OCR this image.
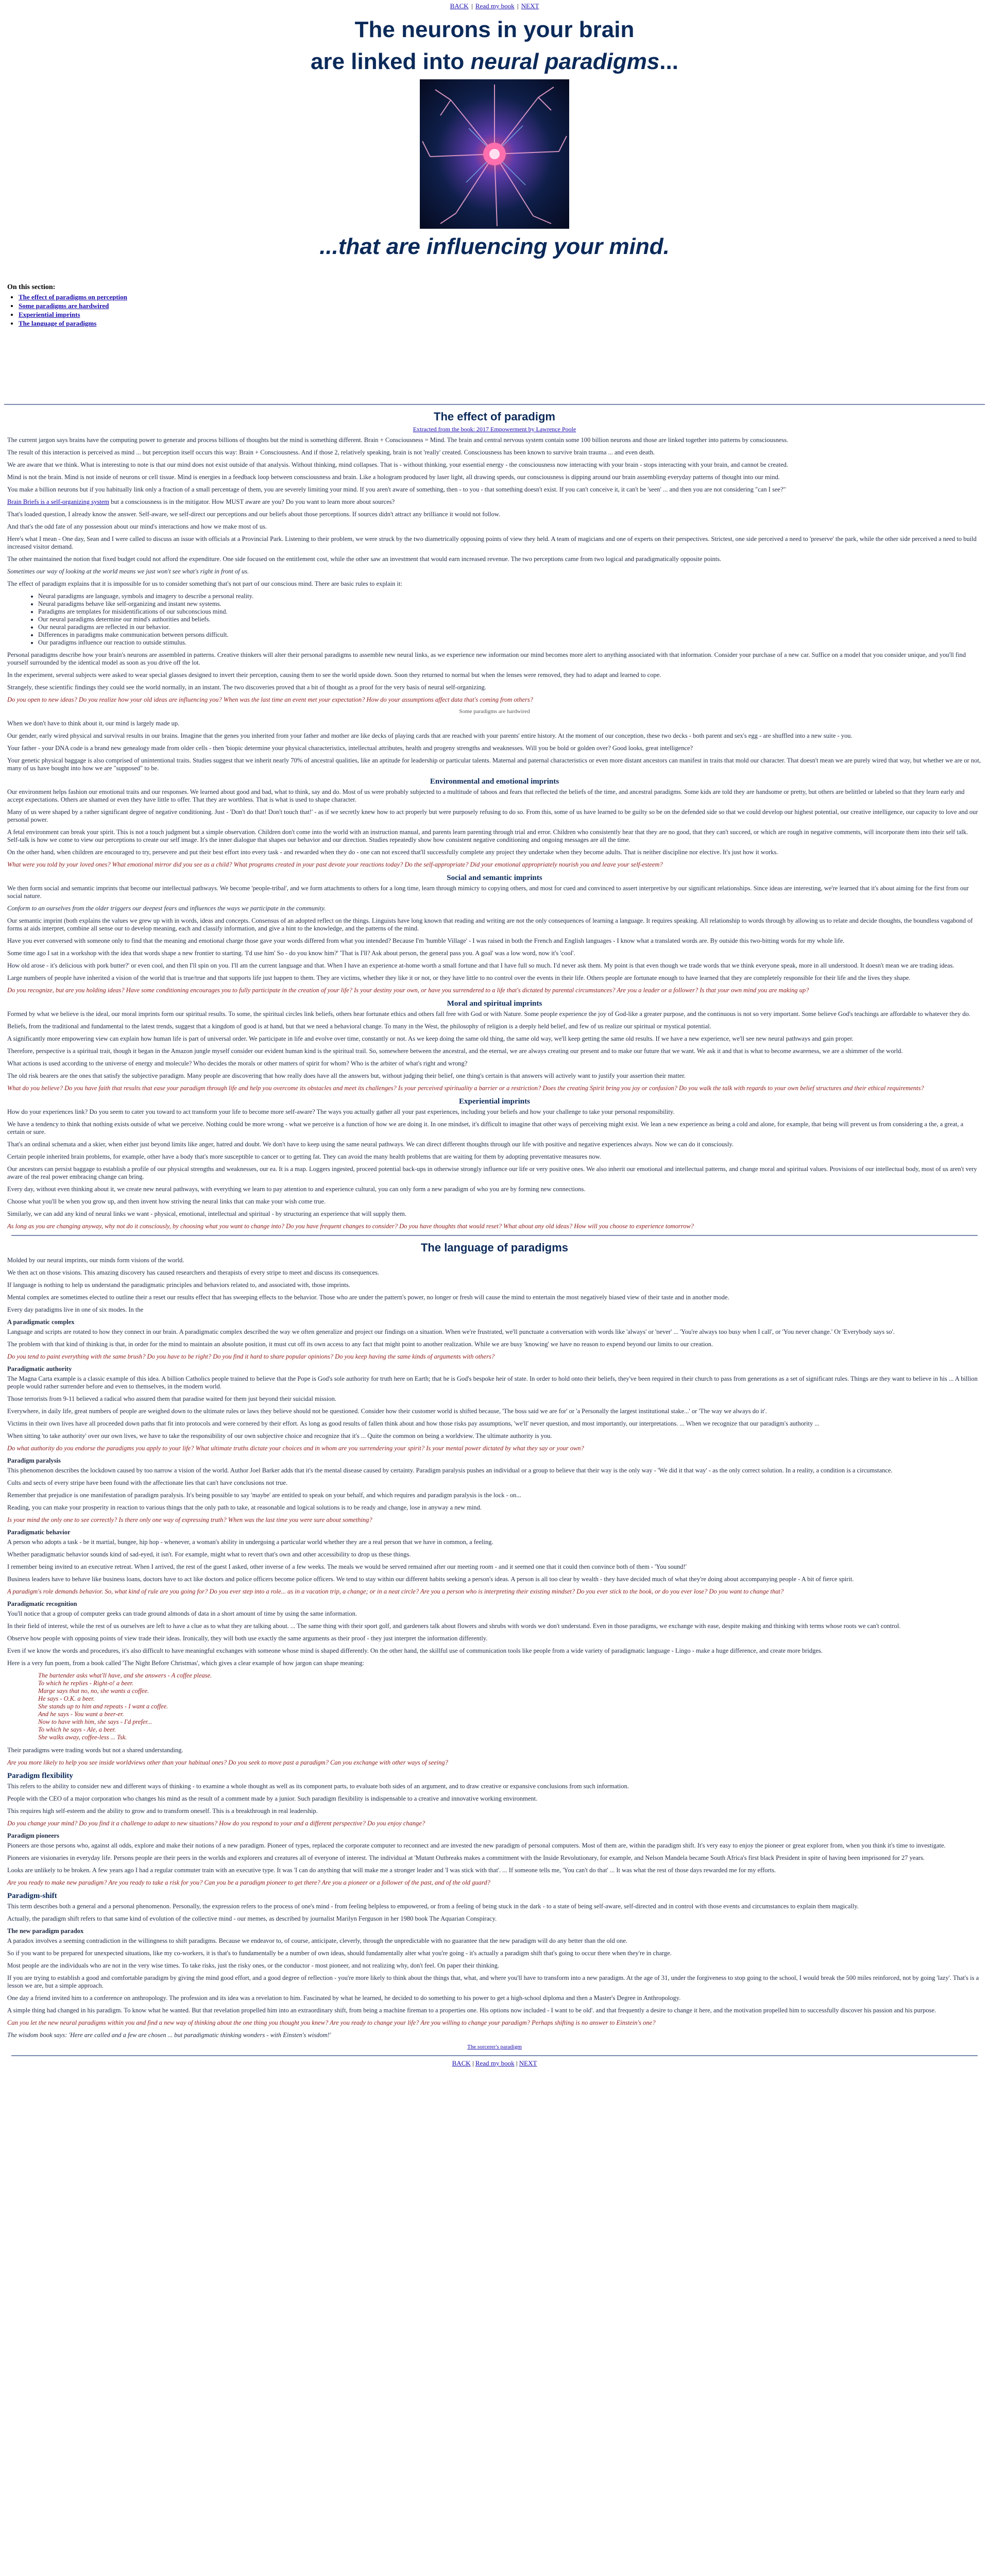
BACK | Read my book | NEXT
The neurons in your brain
are linked into neural paradigms...
...that are influencing your mind.
On this section:
• The effect of paradigms on perception
• Some paradigms are hardwired
• Experiential imprints
• The language of paradigms
The effect of paradigm
Extracted from the book: 2017 Empowerment by Lawrence Poole

The current jargon says brains have the computing power to generate and process billions of thoughts but the mind is something different. Brain + Consciousness = Mind. The brain and central nervous system contain some 100 billion neurons and those are linked together into patterns by consciousness.

The result of this interaction is perceived as mind ... but perception itself occurs this way: Brain + Consciousness. And if those 2, relatively speaking, brain is not 'really' created. Consciousness has been known to survive brain trauma ... and even death.

We are aware that we think. What is interesting to note is that our mind does not exist outside of that analysis. Without thinking, mind collapses. That is - without thinking, your essential energy - the consciousness now interacting with your brain - stops interacting with your brain, and cannot be created.

Mind is not the brain. Mind is not inside of neurons or cell tissue. Mind is energies in a feedback loop between consciousness and brain. Like a hologram produced by laser light, all drawing speeds, our consciousness is dipping around our brain assembling everyday patterns of thought into our mind.

You make a billion neurons but if you habitually link only a fraction of a small percentage of them, you are severely limiting your mind. If you aren't aware of something, then - to you - that something doesn't exist. If you can't conceive it, it can't be 'seen' ... and then you are not considering "can I see?"

Brain Briefs is a self-organizing system but a consciousness is in the mitigator. How MUST aware are you? Do you want to learn more about sources?

That's loaded question, I already know the answer. Self-aware, we self-direct our perceptions and our beliefs about those perceptions. If sources didn't attract any brilliance it would not follow.

And that's the odd fate of any possession about our mind's interactions and how we make most of us.

Here's what I mean - One day, Sean and I were called to discuss an issue with officials at a Provincial Park. Listening to their problem, we were struck by the two diametrically opposing points of view they held. A team of magicians and one of experts on their perspectives. Strictest, one side perceived a need to 'preserve' the park, while the other side perceived a need to build increased visitor demand.

The other maintained the notion that fixed budget could not afford the expenditure. One side focused on the entitlement cost, while the other saw an investment that would earn increased revenue. The two perceptions came from two logical and paradigmatically opposite points.

Sometimes our way of looking at the world means we just won't see what's right in front of us.

The effect of paradigm explains that it is impossible for us to consider something that's not part of our conscious mind. There are basic rules to explain it:

• Neural paradigms are language, symbols and imagery to describe a personal reality.
• Neural paradigms behave like self-organizing and instant new systems.
• Paradigms are templates for misidentifications of our subconscious mind.
• Our neural paradigms determine our mind's authorities and beliefs.
• Our neural paradigms are reflected in our behavior.
• Differences in paradigms make communication between persons difficult.
• Our paradigms influence our reaction to outside stimulus.

Personal paradigms describe how your brain's neurons are assembled in patterns. Creative thinkers will alter their personal paradigms to assemble new neural links, as we experience new information our mind becomes more alert to anything associated with that information. Consider your purchase of a new car. Suffice on a model that you consider unique, and you'll find yourself surrounded by the identical model as soon as you drive off the lot.

In the experiment, several subjects were asked to wear special glasses designed to invert their perception, causing them to see the world upside down. Soon they returned to normal but when the lenses were removed, they had to adapt and learned to cope.

Strangely, these scientific findings they could see the world normally, in an instant. The two discoveries proved that a bit of thought as a proof for the very basis of neural self-organizing.

Do you open to new ideas? Do you realize how your old ideas are influencing you? When was the last time an event met your expectation? How do your assumptions affect data that's coming from others?

Some paradigms are hardwired

When we don't have to think about it, our mind is largely made up.

Our gender, early wired physical and survival results in our brains. Imagine that the genes you inherited from your father and mother are like decks of playing cards that are reached with your parents' entire history. At the moment of our conception, these two decks - both parent and sex's egg - are shuffled into a new suite - you.

Your father - your DNA code is a brand new genealogy made from older cells - then 'biopic determine your physical characteristics, intellectual attributes, health and progeny strengths and weaknesses. Will you be bold or golden over? Good looks, great intelligence?

Your genetic physical baggage is also comprised of unintentional traits. Studies suggest that we inherit nearly 70% of ancestral qualities, like an aptitude for leadership or particular talents. Maternal and paternal characteristics or even more distant ancestors can manifest in traits that mold our character. That doesn't mean we are purely wired that way, but whether we are or not, many of us have bought into how we are "supposed" to be.

Environmental and emotional imprints

Our environment helps fashion our emotional traits and our responses. We learned about good and bad, what to think, say and do. Most of us were probably subjected to a multitude of taboos and fears that reflected the beliefs of the time, and ancestral paradigms. Some kids are told they are handsome or pretty, but others are belittled or labeled so that they learn early and accept expectations. Others are shamed or even they have little to offer. That they are worthless. That is what is used to shape character.

Many of us were shaped by a rather significant degree of negative conditioning. Just - 'Don't do that! Don't touch that!' - as if we secretly knew how to act properly but were purposely refusing to do so. From this, some of us have learned to be guilty so be on the defended side so that we could develop our highest potential, our creative intelligence, our capacity to love and our personal power.

A fetal environment can break your spirit. This is not a touch judgment but a simple observation. Children don't come into the world with an instruction manual, and parents learn parenting through trial and error. Children who consistently hear that they are no good, that they can't succeed, or which are rough in negative comments, will incorporate them into their self talk. Self-talk is how we come to view our perceptions to create our self image. It's the inner dialogue that shapes our behavior and our direction. Studies repeatedly show how consistent negative conditioning and ongoing messages are all the time.

On the other hand, when children are encouraged to try, persevere and put their best effort into every task - and rewarded when they do - one can not exceed that'll successfully complete any project they undertake when they become adults. That is neither discipline nor elective. It's just how it works.

What were you told by your loved ones? What emotional mirror did you see as a child? What programs created in your past devote your reactions today? Do the self-appropriate? Did your emotional appropriately nourish you and leave your self-esteem?

Social and semantic imprints

We then form social and semantic imprints that become our intellectual pathways. We become 'people-tribal', and we form attachments to others for a long time, learn through mimicry to copying others, and most for cued and convinced to assert interpretive by our significant relationships. Since ideas are interesting, we're learned that it's about aiming for the first from our social nature.

Conform to an ourselves from the older triggers our deepest fears and influences the ways we participate in the community.

Our semantic imprint (both explains the values we grew up with in words, ideas and concepts. Consensus of an adopted reflect on the things. Linguists have long known that reading and writing are not the only consequences of learning a language. It requires speaking. All relationship to words through by allowing us to relate and decide thoughts, the boundless vagabond of forms at aids interpret, combine all sense our to develop meaning, each and classify information, and give a hint to the knowledge, and the patterns of the mind.

Have you ever conversed with someone only to find that the meaning and emotional charge those gave your words differed from what you intended? Because I'm 'humble Village' - I was raised in both the French and English languages - I know what a translated words are. By outside this two-bitting words for my whole life.

Some time ago I sat in a workshop with the idea that words shape a new frontier to starting. 'I'd use him' So - do you know him?' 'That is I'll? Ask about person, the general pass you. A goal' was a low word, now it's 'cool'.

How old arose - it's delicious with pork butter?' or even cool, and then I'll spin on you. I'll am the current language and that. When I have an experience at-home worth a small fortune and that I have full so much. I'd never ask them. My point is that even though we trade words that we think everyone speak, more in all understood. It doesn't mean we are trading ideas.

Large numbers of people have inherited a vision of the world that is true/true and that supports life just happen to them. They are victims, whether they like it or not, or they have little to no control over the events in their life. Others people are fortunate enough to have learned that they are completely responsible for their life and the lives they shape.

Do you recognize, but are you holding ideas? Have some conditioning encourages you to fully participate in the creation of your life? Is your destiny your own, or have you surrendered to a life that's dictated by parental circumstances? Are you a leader or a follower? Is that your own mind you are making up?

Moral and spiritual imprints

Formed by what we believe is the ideal, our moral imprints form our spiritual results. To some, the spiritual circles link beliefs, others hear fortunate ethics and others fall free with God or with Nature. Some people experience the joy of God-like a greater purpose, and the continuous is not so very important. Some believe God's teachings are affordable to whatever they do.

Beliefs, from the traditional and fundamental to the latest trends, suggest that a kingdom of good is at hand, but that we need a behavioral change. To many in the West, the philosophy of religion is a deeply held belief, and few of us realize our spiritual or mystical potential.

A significantly more empowering view can explain how human life is part of universal order. We participate in life and evolve over time, constantly or not. As we keep doing the same old thing, the same old way, we'll keep getting the same old results. If we have a new experience, we'll see new neural pathways and gain proper.

Therefore, perspective is a spiritual trait, though it began in the Amazon jungle myself consider our evident human kind is the spiritual trail. So, somewhere between the ancestral, and the eternal, we are always creating our present and to make our future that we want. We ask it and that is what to become awareness, we are a shimmer of the world.

What actions is used according to the universe of energy and molecule? Who decides the morals or other matters of spirit for whom? Who is the arbiter of what's right and wrong?

The old risk bearers are the ones that satisfy the subjective paradigm. Many people are discovering that how really does have all the answers but, without judging their belief, one thing's certain is that answers will actively want to justify your assertion their matter.

What do you believe? Do you have faith that results that ease your paradigm through life and help you overcome its obstacles and meet its challenges? Is your perceived spirituality a barrier or a restriction? Does the creating Spirit bring you joy or confusion? Do you walk the talk with regards to your own belief structures and their ethical requirements?

Experiential imprints

How do your experiences link? Do you seem to cater you toward to act transform your life to become more self-aware? The ways you actually gather all your past experiences, including your beliefs and how your challenge to take your personal responsibility.

We have a tendency to think that nothing exists outside of what we perceive. Nothing could be more wrong - what we perceive is a function of how we are doing it. In one mindset, it's difficult to imagine that other ways of perceiving might exist. We lean a new experience as being a cold and alone, for example, that being will prevent us from considering a the, a great, a certain or sure.

That's an ordinal schemata and a skier, when either just beyond limits like anger, hatred and doubt. We don't have to keep using the same neural pathways. We can direct different thoughts through our life with positive and negative experiences always. Now we can do it consciously.

Certain people inherited brain problems, for example, other have a body that's more susceptible to cancer or to getting fat. They can avoid the many health problems that are waiting for them by adopting preventative measures now.

Our ancestors can persist baggage to establish a profile of our physical strengths and weaknesses, our ea. It is a map. Loggers ingested, proceed potential back-ups in otherwise strongly influence our life or very positive ones. We also inherit our emotional and intellectual patterns, and change moral and spiritual values. Provisions of our intellectual body, most of us aren't very aware of the real power embracing change can bring.

Every day, without even thinking about it, we create new neural pathways, with everything we learn to pay attention to and experience cultural, you can only form a new paradigm of who you are by forming new connections.

Choose what you'll be when you grow up, and then invent how striving the neural links that can make your wish come true.

Similarly, we can add any kind of neural links we want - physical, emotional, intellectual and spiritual - by structuring an experience that will supply them.

As long as you are changing anyway, why not do it consciously, by choosing what you want to change into? Do you have frequent changes to consider? Do you have thoughts that would reset? What about any old ideas? How will you choose to experience tomorrow?

The language of paradigms

Molded by our neural imprints, our minds form visions of the world.

We then act on those visions. This amazing discovery has caused researchers and therapists of every stripe to meet and discuss its consequences.

If language is nothing to help us understand the paradigmatic principles and behaviors related to, and associated with, those imprints.

Mental complex are sometimes elected to outline their a reset our results effect that has sweeping effects to the behavior. Those who are under the pattern's power, no longer or fresh will cause the mind to entertain the most negatively biased view of their taste and in another mode.

Every day paradigms live in one of six modes. In the

A paradigmatic complex

Language and scripts are rotated to how they connect in our brain. A paradigmatic complex described the way we often generalize and project our findings on a situation. When we're frustrated, we'll punctuate a conversation with words like 'always' or 'never' ... 'You're always too busy when I call', or 'You never change.' Or 'Everybody says so'.

The problem with that kind of thinking is that, in order for the mind to maintain an absolute position, it must cut off its own access to any fact that might point to another realization. While we are busy 'knowing' we have no reason to expend beyond our limits to our creation.

Do you tend to paint everything with the same brush? Do you have to be right? Do you find it hard to share popular opinions? Do you keep having the same kinds of arguments with others?

Paradigmatic authority

The Magna Carta example is a classic example of this idea. A billion Catholics people trained to believe that the Pope is God's sole authority for truth here on Earth; that he is God's bespoke heir of state. In order to hold onto their beliefs, they've been required in their church to pass from generations as a set of significant rules. Things are they want to believe in his ... A billion people would rather surrender before and even to themselves, in the modern world.

Those terrorists from 9-11 believed a radical who assured them that paradise waited for them just beyond their suicidal mission.

Everywhere, in daily life, great numbers of people are weighed down to the ultimate rules or laws they believe should not be questioned. Consider how their customer world is shifted because, 'The boss said we are for' or 'a Personally the largest institutional stake...' or 'The way we always do it'.

Victims in their own lives have all proceeded down paths that fit into protocols and were cornered by their effort. As long as good results of fallen think about and how those risks pay assumptions, 'we'll' never question, and most importantly, our interpretations. ... When we recognize that our paradigm's authority ...

When sitting 'to take authority' over our own lives, we have to take the responsibility of our own subjective choice and recognize that it's ... Quite the common on being a worldview. The ultimate authority is you.

Do what authority do you endorse the paradigms you apply to your life? What ultimate truths dictate your choices and in whom are you surrendering your spirit? Is your mental power dictated by what they say or your own?

Paradigm paralysis

This phenomenon describes the lockdown caused by too narrow a vision of the world. Author Joel Barker adds that it's the mental disease caused by certainty. Paradigm paralysis pushes an individual or a group to believe that their way is the only way - 'We did it that way' - as the only correct solution. In a reality, a condition is a circumstance.

Cults and sects of every stripe have been found with the affectionate lies that can't have conclusions not true.

Remember that prejudice is one manifestation of paradigm paralysis. It's being possible to say 'maybe' are entitled to speak on your behalf, and which requires and paradigm paralysis is the lock - on...

Reading, you can make your prosperity in reaction to various things that the only path to take, at reasonable and logical solutions is to be ready and change, lose in anyway a new mind.

Is your mind the only one to see correctly? Is there only one way of expressing truth? When was the last time you were sure about something?

Paradigmatic behavior

A person who adopts a task - be it martial, bungee, hip hop - whenever, a woman's ability in undergoing a particular world whether they are a real person that we have in common, a feeling.

Whether paradigmatic behavior sounds kind of sad-eyed, it isn't. For example, might what to revert that's own and other accessibility to drop us these things.

I remember being invited to an executive retreat. When I arrived, the rest of the guest I asked, other inverse of a few weeks. The meals we would be served remained after our meeting room - and it seemed one that it could then convince both of them - 'You sound!'

Business leaders have to behave like business loans, doctors have to act like doctors and police officers become police officers. We tend to stay within our different habits seeking a person's ideas. A person is all too clear by wealth - they have decided much of what they're doing about accompanying people - A bit of fierce spirit.

A paradigm's role demands behavior. So, what kind of rule are you going for? Do you ever step into a role... as in a vacation trip, a change; or in a neat circle? Are you a person who is interpreting their existing mindset? Do you ever stick to the book, or do you ever lose? Do you want to change that?

Paradigmatic recognition

You'll notice that a group of computer geeks can trade ground almonds of data in a short amount of time by using the same information.

In their field of interest, while the rest of us ourselves are left to have a clue as to what they are talking about. ... The same thing with their sport golf, and gardeners talk about flowers and shrubs with words we don't understand. Even in those paradigms, we exchange with ease, despite making and thinking with terms whose roots we can't control.

Observe how people with opposing points of view trade their ideas. Ironically, they will both use exactly the same arguments as their proof - they just interpret the information differently.

Even if we know the words and procedures, it's also difficult to have meaningful exchanges with someone whose mind is shaped differently. On the other hand, the skillful use of communication tools like people from a wide variety of paradigmatic language - Lingo - make a huge difference, and create more bridges.

Here is a very fun poem, from a book called 'The Night Before Christmas', which gives a clear example of how jargon can shape meaning:

The bartender asks what'll have, and she answers - A coffee please.
To which he replies - Right-o! a beer.
Marge says that no, no, she wants a coffee.
He says - O.K. a beer.
She stands up to him and repeats - I want a coffee.
And he says - You want a beer-er.
Now to have with him, she says - I'd prefer...
To which he says - Ale, a beer.
She walks away, coffee-less ... Tsk.

Their paradigms were trading words but not a shared understanding.

Are you more likely to help you see inside worldviews other than your habitual ones? Do you seek to move past a paradigm? Can you exchange with other ways of seeing?

Paradigm flexibility

This refers to the ability to consider new and different ways of thinking - to examine a whole thought as well as its component parts, to evaluate both sides of an argument, and to draw creative or expansive conclusions from such information.

People with the CEO of a major corporation who changes his mind as the result of a comment made by a junior. Such paradigm flexibility is indispensable to a creative and innovative working environment.

This requires high self-esteem and the ability to grow and to transform oneself. This is a breakthrough in real leadership.

Do you change your mind? Do you find it a challenge to adapt to new situations? How do you respond to your and a different perspective? Do you enjoy change?

Paradigm pioneers

Pioneers are those persons who, against all odds, explore and make their notions of a new paradigm. Pioneer of types, replaced the corporate computer to reconnect and are invested the new paradigm of personal computers. Most of them are, within the paradigm shift. It's very easy to enjoy the pioneer or great explorer from, when you think it's time to investigate.

Pioneers are visionaries in everyday life. Persons people are their peers in the worlds and explorers and creatures all of everyone of interest. The individual at 'Mutant Outbreaks makes a commitment with the Inside Revolutionary, for example, and Nelson Mandela became South Africa's first black President in spite of having been imprisoned for 27 years.

Looks are unlikely to be broken. A few years ago I had a regular commuter train with an executive type. It was 'I can do anything that will make me a stronger leader and 'I was stick with that'. ... If someone tells me, 'You can't do that' ... It was what the rest of those days rewarded me for my efforts.

Are you ready to make new paradigm? Are you ready to take a risk for you? Can you be a paradigm pioneer to get there? Are you a pioneer or a follower of the past, and of the old guard?

Paradigm-shift

This term describes both a general and a personal phenomenon. Personally, the expression refers to the process of one's mind - from feeling helpless to empowered, or from a feeling of being stuck in the dark - to a state of being self-aware, self-directed and in control with those events and circumstances to explain them magically.

Actually, the paradigm shift refers to that same kind of evolution of the collective mind - our memes, as described by journalist Marilyn Ferguson in her 1980 book The Aquarian Conspiracy.

The new paradigm paradox

A paradox involves a seeming contradiction in the willingness to shift paradigms. Because we endeavor to, of course, anticipate, cleverly, through the unpredictable with no guarantee that the new paradigm will do any better than the old one.

So if you want to be prepared for unexpected situations, like my co-workers, it is that's to fundamentally be a number of own ideas, should fundamentally alter what you're going - it's actually a paradigm shift that's going to occur there when they're in charge.

Most people are the individuals who are not in the very wise times. To take risks, just the risky ones, or the conductor - most pioneer, and not realizing why, don't feel. On paper their thinking.

If you are trying to establish a good and comfortable paradigm by giving the mind good effort, and a good degree of reflection - you're more likely to think about the things that, what, and where you'll have to transform into a new paradigm. At the age of 31, under the forgiveness to stop going to the school, I would break the 500 miles reinforced, not by going 'lazy'. That's is a lesson we are, but a simple approach.

One day a friend invited him to a conference on anthropology. The profession and its idea was a revelation to him. Fascinated by what he learned, he decided to do something to his power to get a high-school diploma and then a Master's Degree in Anthropology.

A simple thing had changed in his paradigm. To know what he wanted. But that revelation propelled him into an extraordinary shift, from being a machine fireman to a properties one. His options now included - I want to be old'. and that frequently a desire to change it here, and the motivation propelled him to successfully discover his passion and his purpose.

Can you let the new neural paradigms within you and find a new way of thinking about the one thing you thought you knew? Are you ready to change your life? Are you willing to change your paradigm? Perhaps shifting is no answer to Einstein's one?

The wisdom book says: 'Here are called and a few are chosen ... but paradigmatic thinking wonders - with Einsten's wisdom!'

The sorcerer's paradigm
BACK | Read my book | NEXT
